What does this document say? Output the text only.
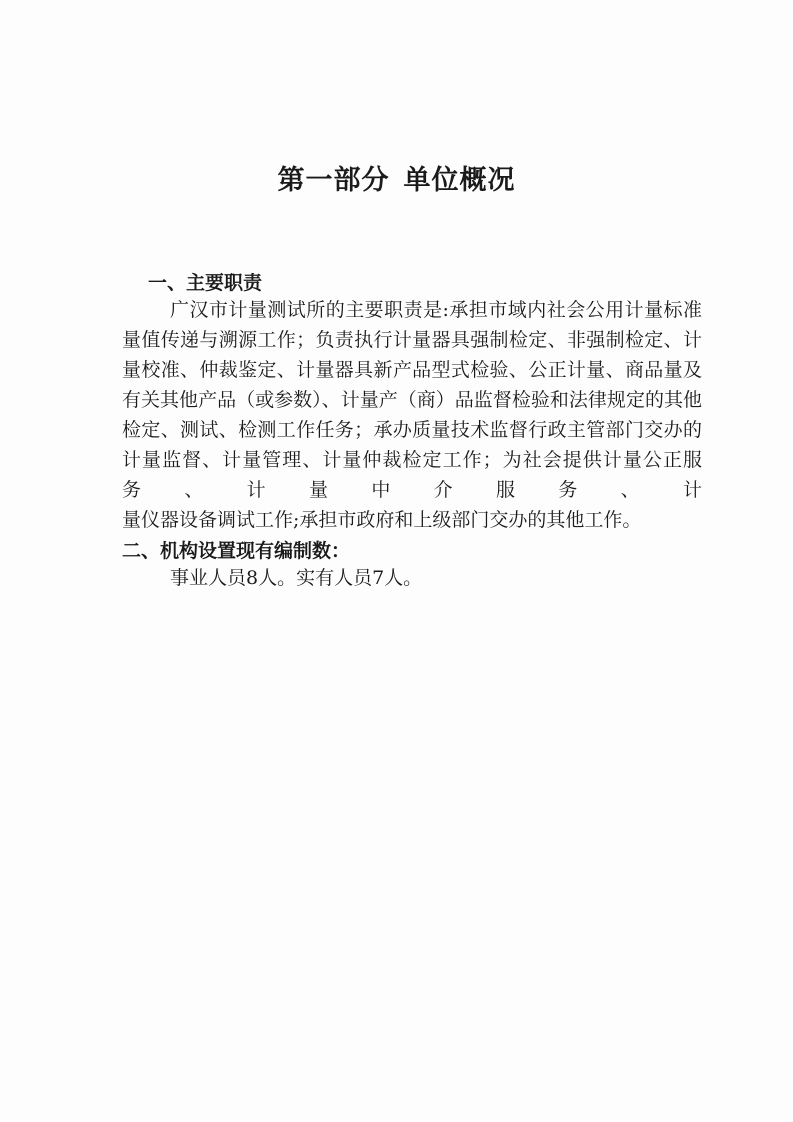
第一部分 单位概况
一、主要职责

广汉市计量测试所的主要职责是:承担市域内社会公用计量标准量值传递与溯源工作；负责执行计量器具强制检定、非强制检定、计量校准、仲裁鉴定、计量器具新产品型式检验、公正计量、商品量及有关其他产品（或参数）、计量产（商）品监督检验和法律规定的其他检定、测试、检测工作任务；承办质量技术监督行政主管部门交办的计量监督、计量管理、计量仲裁检定工作；为社会提供计量公正服务、计量中介服务、计

量仪器设备调试工作;承担市政府和上级部门交办的其他工作。

二、机构设置现有编制数：

事业人员8人。实有人员7人。
